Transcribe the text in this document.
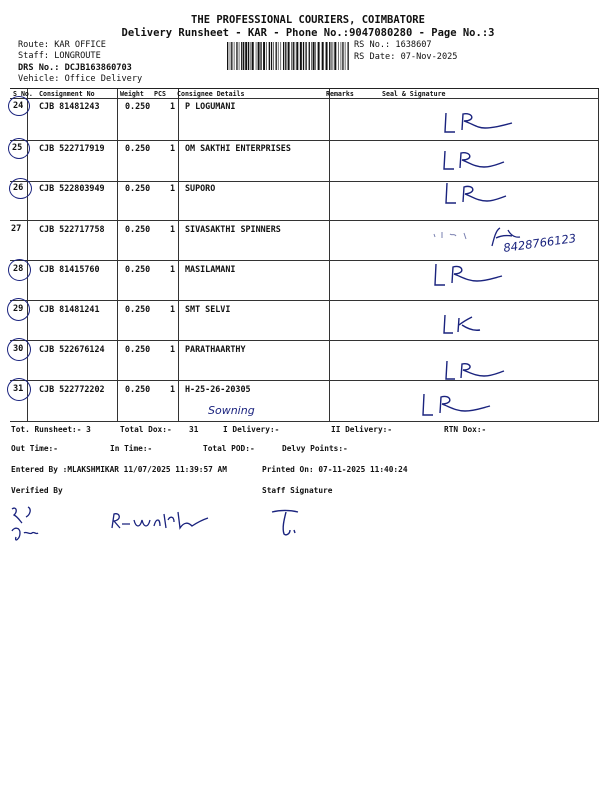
THE PROFESSIONAL COURIERS, COIMBATORE
Delivery Runsheet - KAR - Phone No.:9047080280 - Page No.:3
Route: KAR OFFICE
Staff: LONGROUTE
DRS No.: DCJB163860703
Vehicle: Office Delivery
RS No.: 1638607
RS Date: 07-Nov-2025
S No. Consignment No	Weight PCS Consignee Details	Remarks	Seal & Signature
24 CJB 81481243	0.250 1 P LOGUMANI
25 CJB 522717919 0.250 1 OM SAKTHI ENTERPRISES
26 CJB 522803949 0.250 1 SUPORO
27 CJB 522717758 0.250 1 SIVASAKTHI SPINNERS
28 CJB 81415760	0.250 1 MASILAMANI
29 CJB 81481241	0.250 1 SMT SELVI
30 CJB 522676124 0.250 1 PARATHAARTHY
31 CJB 522772202 0.250 1 H-25-26-20305
8428766123
Sowning
Tot. Runsheet:- 3	Total Dox:- 31	I Delivery:-	II Delivery:-	RTN Dox:-
Out Time:-	In Time:-	Total POD:-	Delvy Points:-
Entered By :MLAKSHMIKAR 11/07/2025 11:39:57 AM	Printed On: 07-11-2025 11:40:24
Verified By	Staff Signature
